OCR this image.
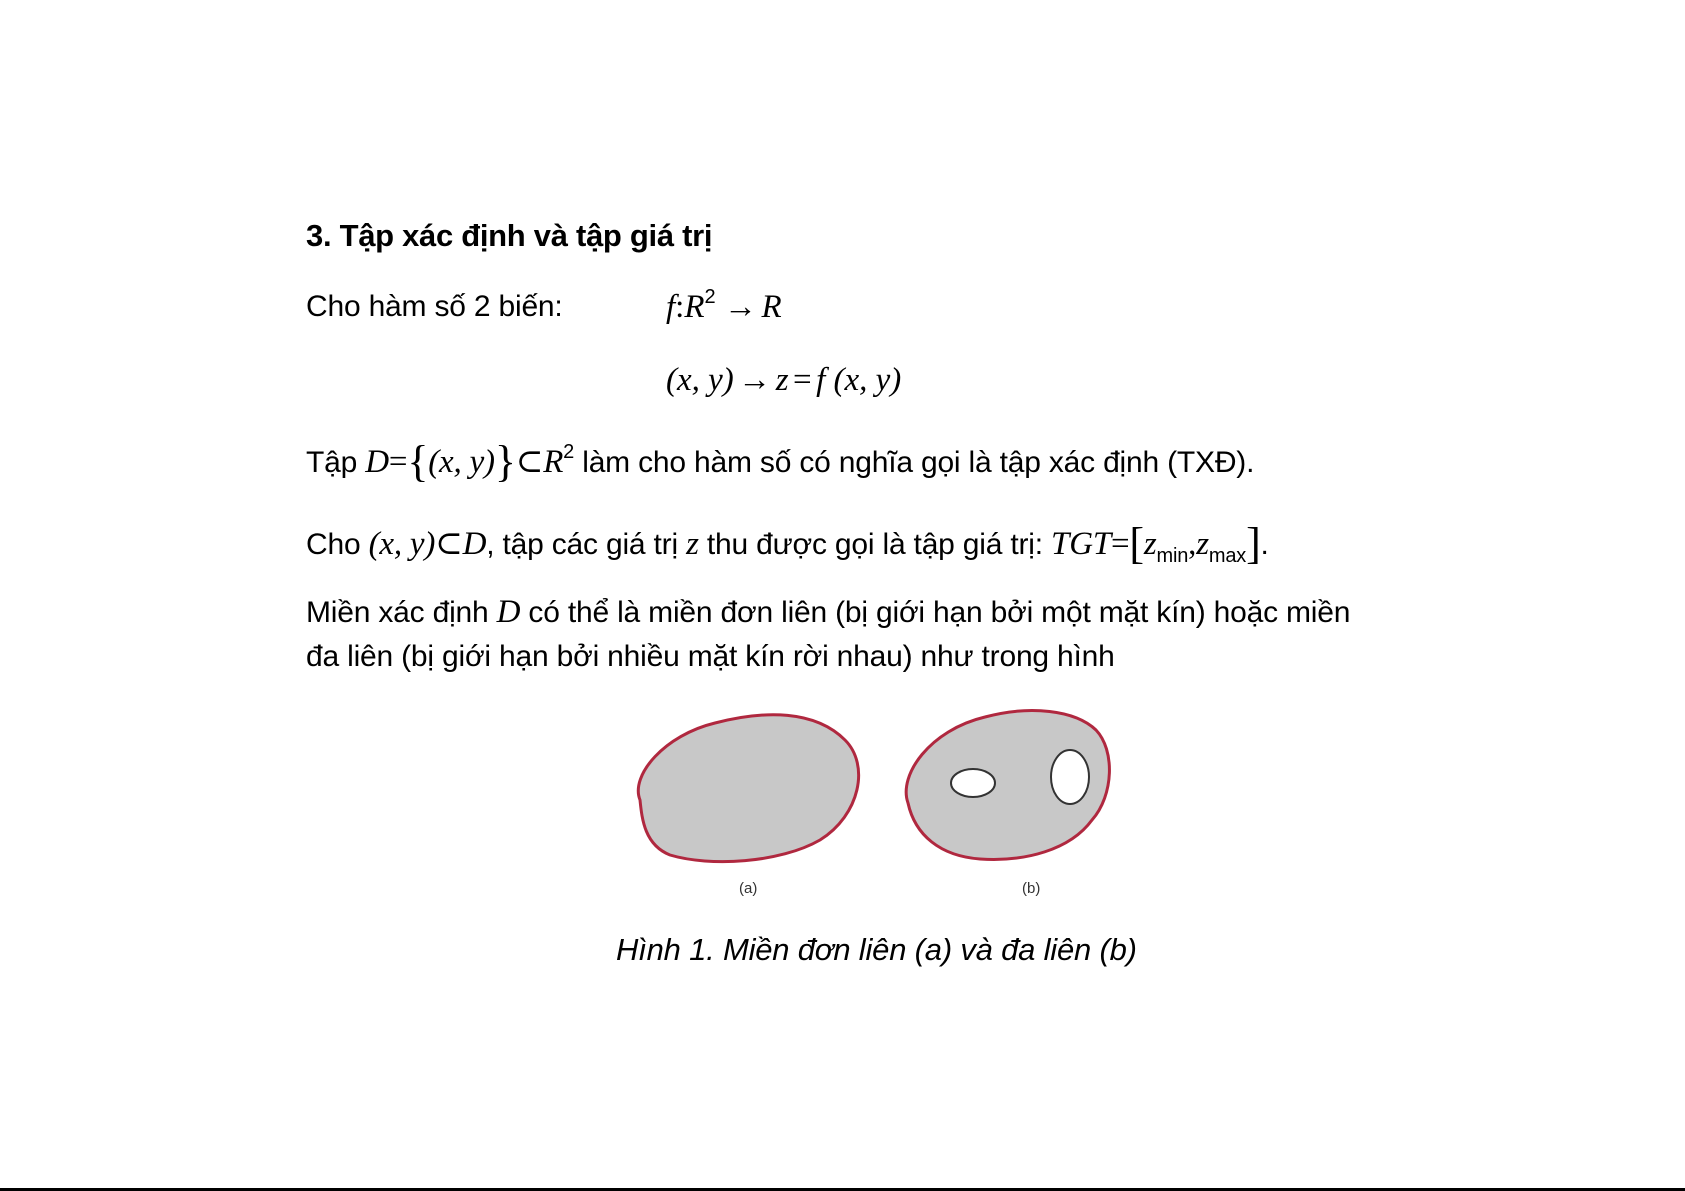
3. Tập xác định và tập giá trị
Cho hàm số 2 biến:	f:R2 → R
(x, y) → z = f (x, y)
Tập D={(x, $y)\}\subset R^2$ làm cho hàm số có nghĩa gọi là tập xác định (TXĐ).
Cho (x, y)⊂D, tập các giá trị z thu được gọi là tập giá trị: $TGT=[z_{min},z_{max}]$.
Miền xác định D có thể là miền đơn liên (bị giới hạn bởi một mặt kín) hoặc miền
đa liên (bị giới hạn bởi nhiều mặt kín rời nhau) như trong hình
(a)	(b)
Hình 1. Miền đơn liên (a) và đa liên (b)
